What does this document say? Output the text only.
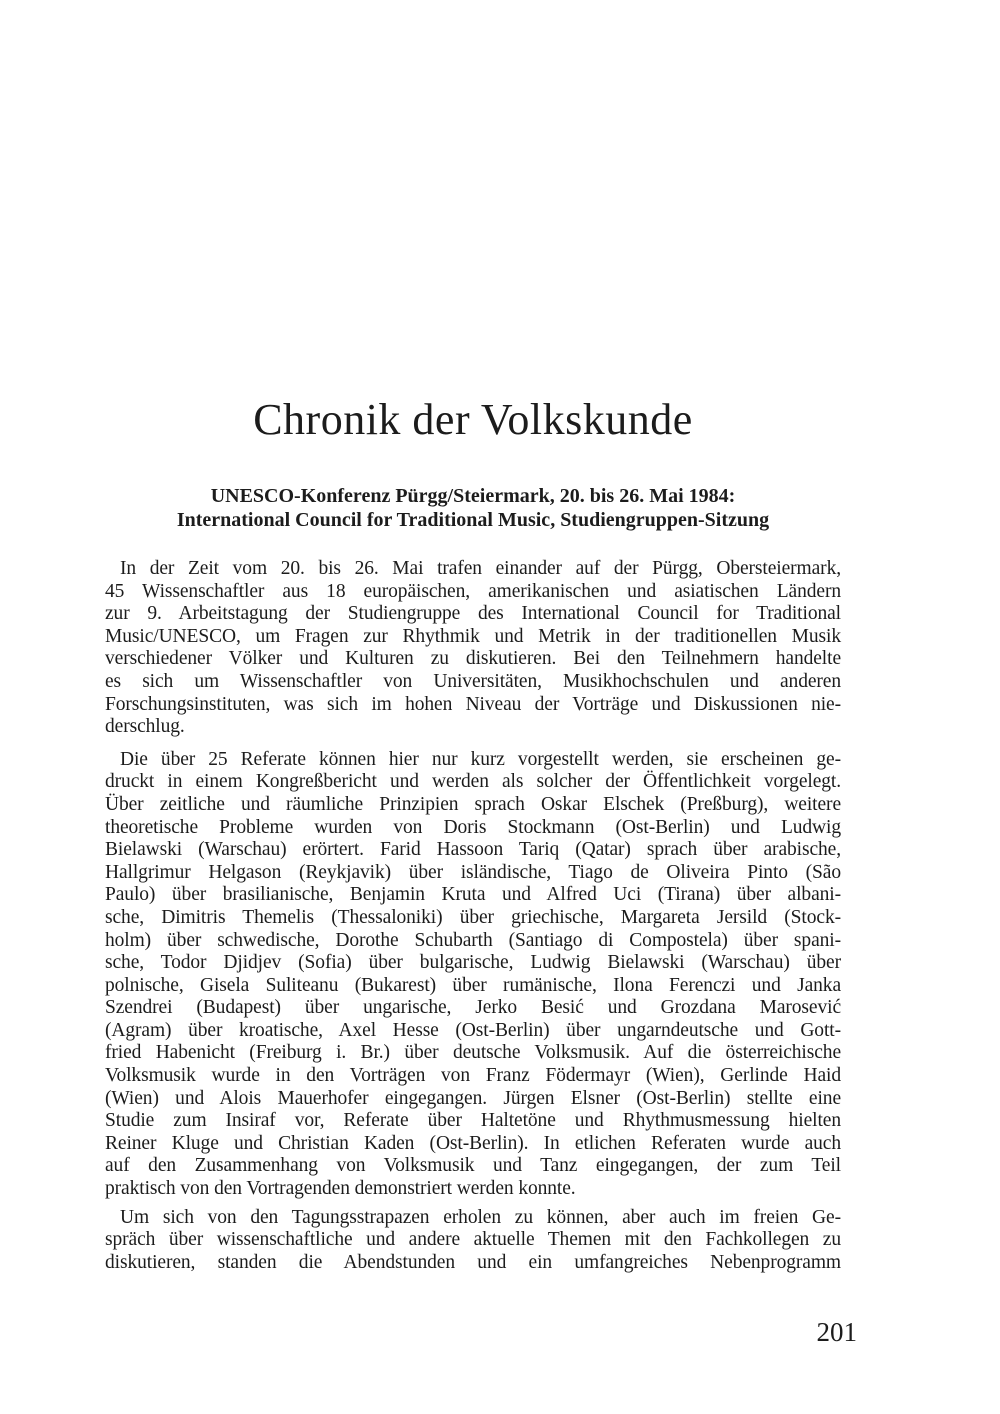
Chronik der Volkskunde
UNESCO-Konferenz Pürgg/Steiermark, 20. bis 26. Mai 1984:
International Council for Traditional Music, Studiengruppen-Sitzung
In der Zeit vom 20. bis 26. Mai trafen einander auf der Pürgg, Obersteiermark,
45 Wissenschaftler aus 18 europäischen, amerikanischen und asiatischen Ländern
zur 9. Arbeitstagung der Studiengruppe des International Council for Traditional
Music/UNESCO, um Fragen zur Rhythmik und Metrik in der traditionellen Musik
verschiedener Völker und Kulturen zu diskutieren. Bei den Teilnehmern handelte
es sich um Wissenschaftler von Universitäten, Musikhochschulen und anderen
Forschungsinstituten, was sich im hohen Niveau der Vorträge und Diskussionen nie-
derschlug.
Die über 25 Referate können hier nur kurz vorgestellt werden, sie erscheinen ge-
druckt in einem Kongreßbericht und werden als solcher der Öffentlichkeit vorgelegt.
Über zeitliche und räumliche Prinzipien sprach Oskar Elschek (Preßburg), weitere
theoretische Probleme wurden von Doris Stockmann (Ost-Berlin) und Ludwig
Bielawski (Warschau) erörtert. Farid Hassoon Tariq (Qatar) sprach über arabische,
Hallgrimur Helgason (Reykjavik) über isländische, Tiago de Oliveira Pinto (São
Paulo) über brasilianische, Benjamin Kruta und Alfred Uci (Tirana) über albani-
sche, Dimitris Themelis (Thessaloniki) über griechische, Margareta Jersild (Stock-
holm) über schwedische, Dorothe Schubarth (Santiago di Compostela) über spani-
sche, Todor Djidjev (Sofia) über bulgarische, Ludwig Bielawski (Warschau) über
polnische, Gisela Suliteanu (Bukarest) über rumänische, Ilona Ferenczi und Janka
Szendrei (Budapest) über ungarische, Jerko Besić und Grozdana Marosević
(Agram) über kroatische, Axel Hesse (Ost-Berlin) über ungarndeutsche und Gott-
fried Habenicht (Freiburg i. Br.) über deutsche Volksmusik. Auf die österreichische
Volksmusik wurde in den Vorträgen von Franz Födermayr (Wien), Gerlinde Haid
(Wien) und Alois Mauerhofer eingegangen. Jürgen Elsner (Ost-Berlin) stellte eine
Studie zum Insiraf vor, Referate über Haltetöne und Rhythmusmessung hielten
Reiner Kluge und Christian Kaden (Ost-Berlin). In etlichen Referaten wurde auch
auf den Zusammenhang von Volksmusik und Tanz eingegangen, der zum Teil
praktisch von den Vortragenden demonstriert werden konnte.
Um sich von den Tagungsstrapazen erholen zu können, aber auch im freien Ge-
spräch über wissenschaftliche und andere aktuelle Themen mit den Fachkollegen zu
diskutieren, standen die Abendstunden und ein umfangreiches Nebenprogramm
201
